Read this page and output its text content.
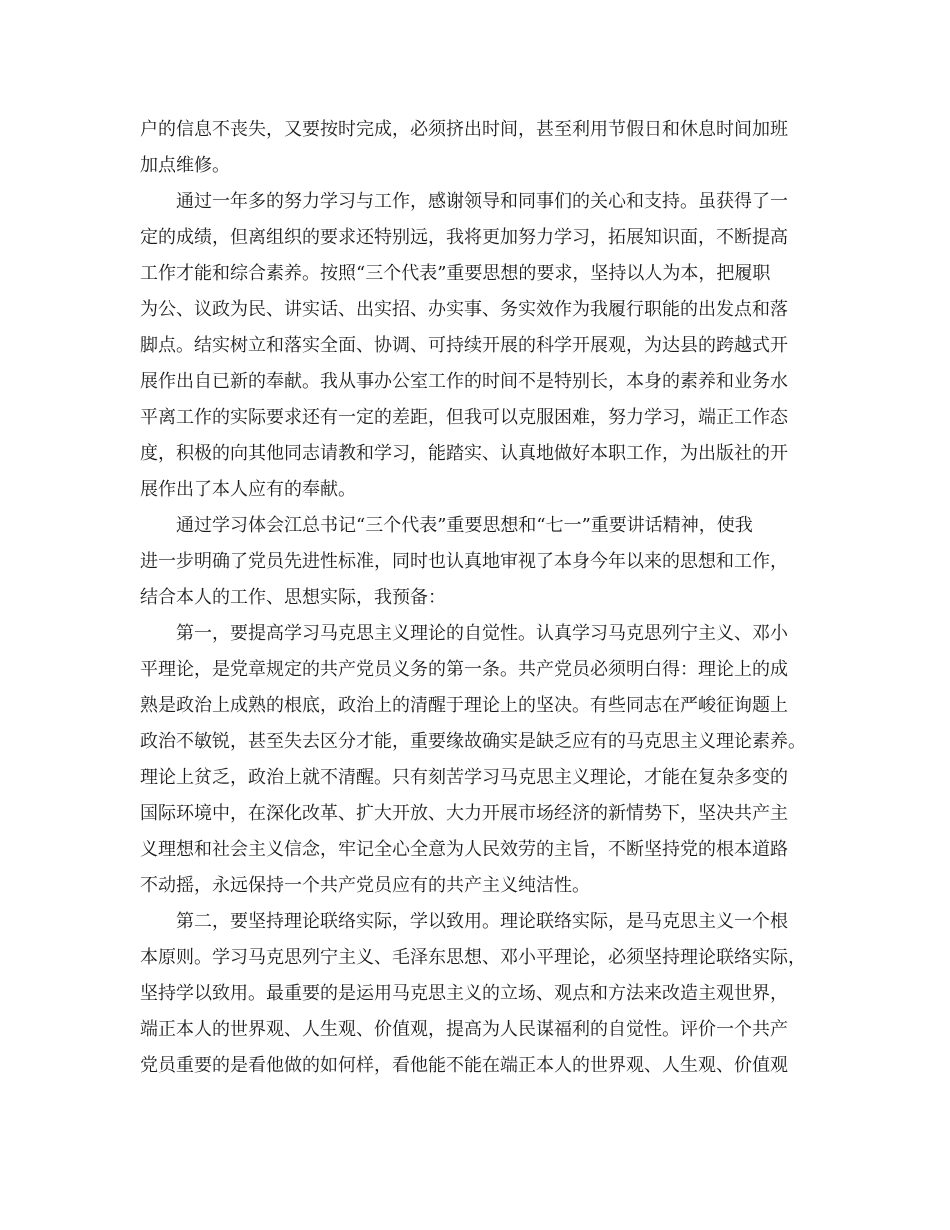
户的信息不丧失，又要按时完成，必须挤出时间，甚至利用节假日和休息时间加班
加点维修。
通过一年多的努力学习与工作，感谢领导和同事们的关心和支持。虽获得了一
定的成绩，但离组织的要求还特别远，我将更加努力学习，拓展知识面，不断提高
工作才能和综合素养。按照“三个代表”重要思想的要求，坚持以人为本，把履职
为公、议政为民、讲实话、出实招、办实事、务实效作为我履行职能的出发点和落
脚点。结实树立和落实全面、协调、可持续开展的科学开展观，为达县的跨越式开
展作出自已新的奉献。我从事办公室工作的时间不是特别长，本身的素养和业务水
平离工作的实际要求还有一定的差距，但我可以克服困难，努力学习，端正工作态
度，积极的向其他同志请教和学习，能踏实、认真地做好本职工作，为出版社的开
展作出了本人应有的奉献。
通过学习体会江总书记“三个代表”重要思想和“七一”重要讲话精神，使我
进一步明确了党员先进性标准，同时也认真地审视了本身今年以来的思想和工作，
结合本人的工作、思想实际，我预备：
第一，要提高学习马克思主义理论的自觉性。认真学习马克思列宁主义、邓小
平理论，是党章规定的共产党员义务的第一条。共产党员必须明白得：理论上的成
熟是政治上成熟的根底，政治上的清醒于理论上的坚决。有些同志在严峻征询题上
政治不敏锐，甚至失去区分才能，重要缘故确实是缺乏应有的马克思主义理论素养。
理论上贫乏，政治上就不清醒。只有刻苦学习马克思主义理论，才能在复杂多变的
国际环境中，在深化改革、扩大开放、大力开展市场经济的新情势下，坚决共产主
义理想和社会主义信念，牢记全心全意为人民效劳的主旨，不断坚持党的根本道路
不动摇，永远保持一个共产党员应有的共产主义纯洁性。
第二，要坚持理论联络实际，学以致用。理论联络实际，是马克思主义一个根
本原则。学习马克思列宁主义、毛泽东思想、邓小平理论，必须坚持理论联络实际，
坚持学以致用。最重要的是运用马克思主义的立场、观点和方法来改造主观世界，
端正本人的世界观、人生观、价值观，提高为人民谋福利的自觉性。评价一个共产
党员重要的是看他做的如何样，看他能不能在端正本人的世界观、人生观、价值观
